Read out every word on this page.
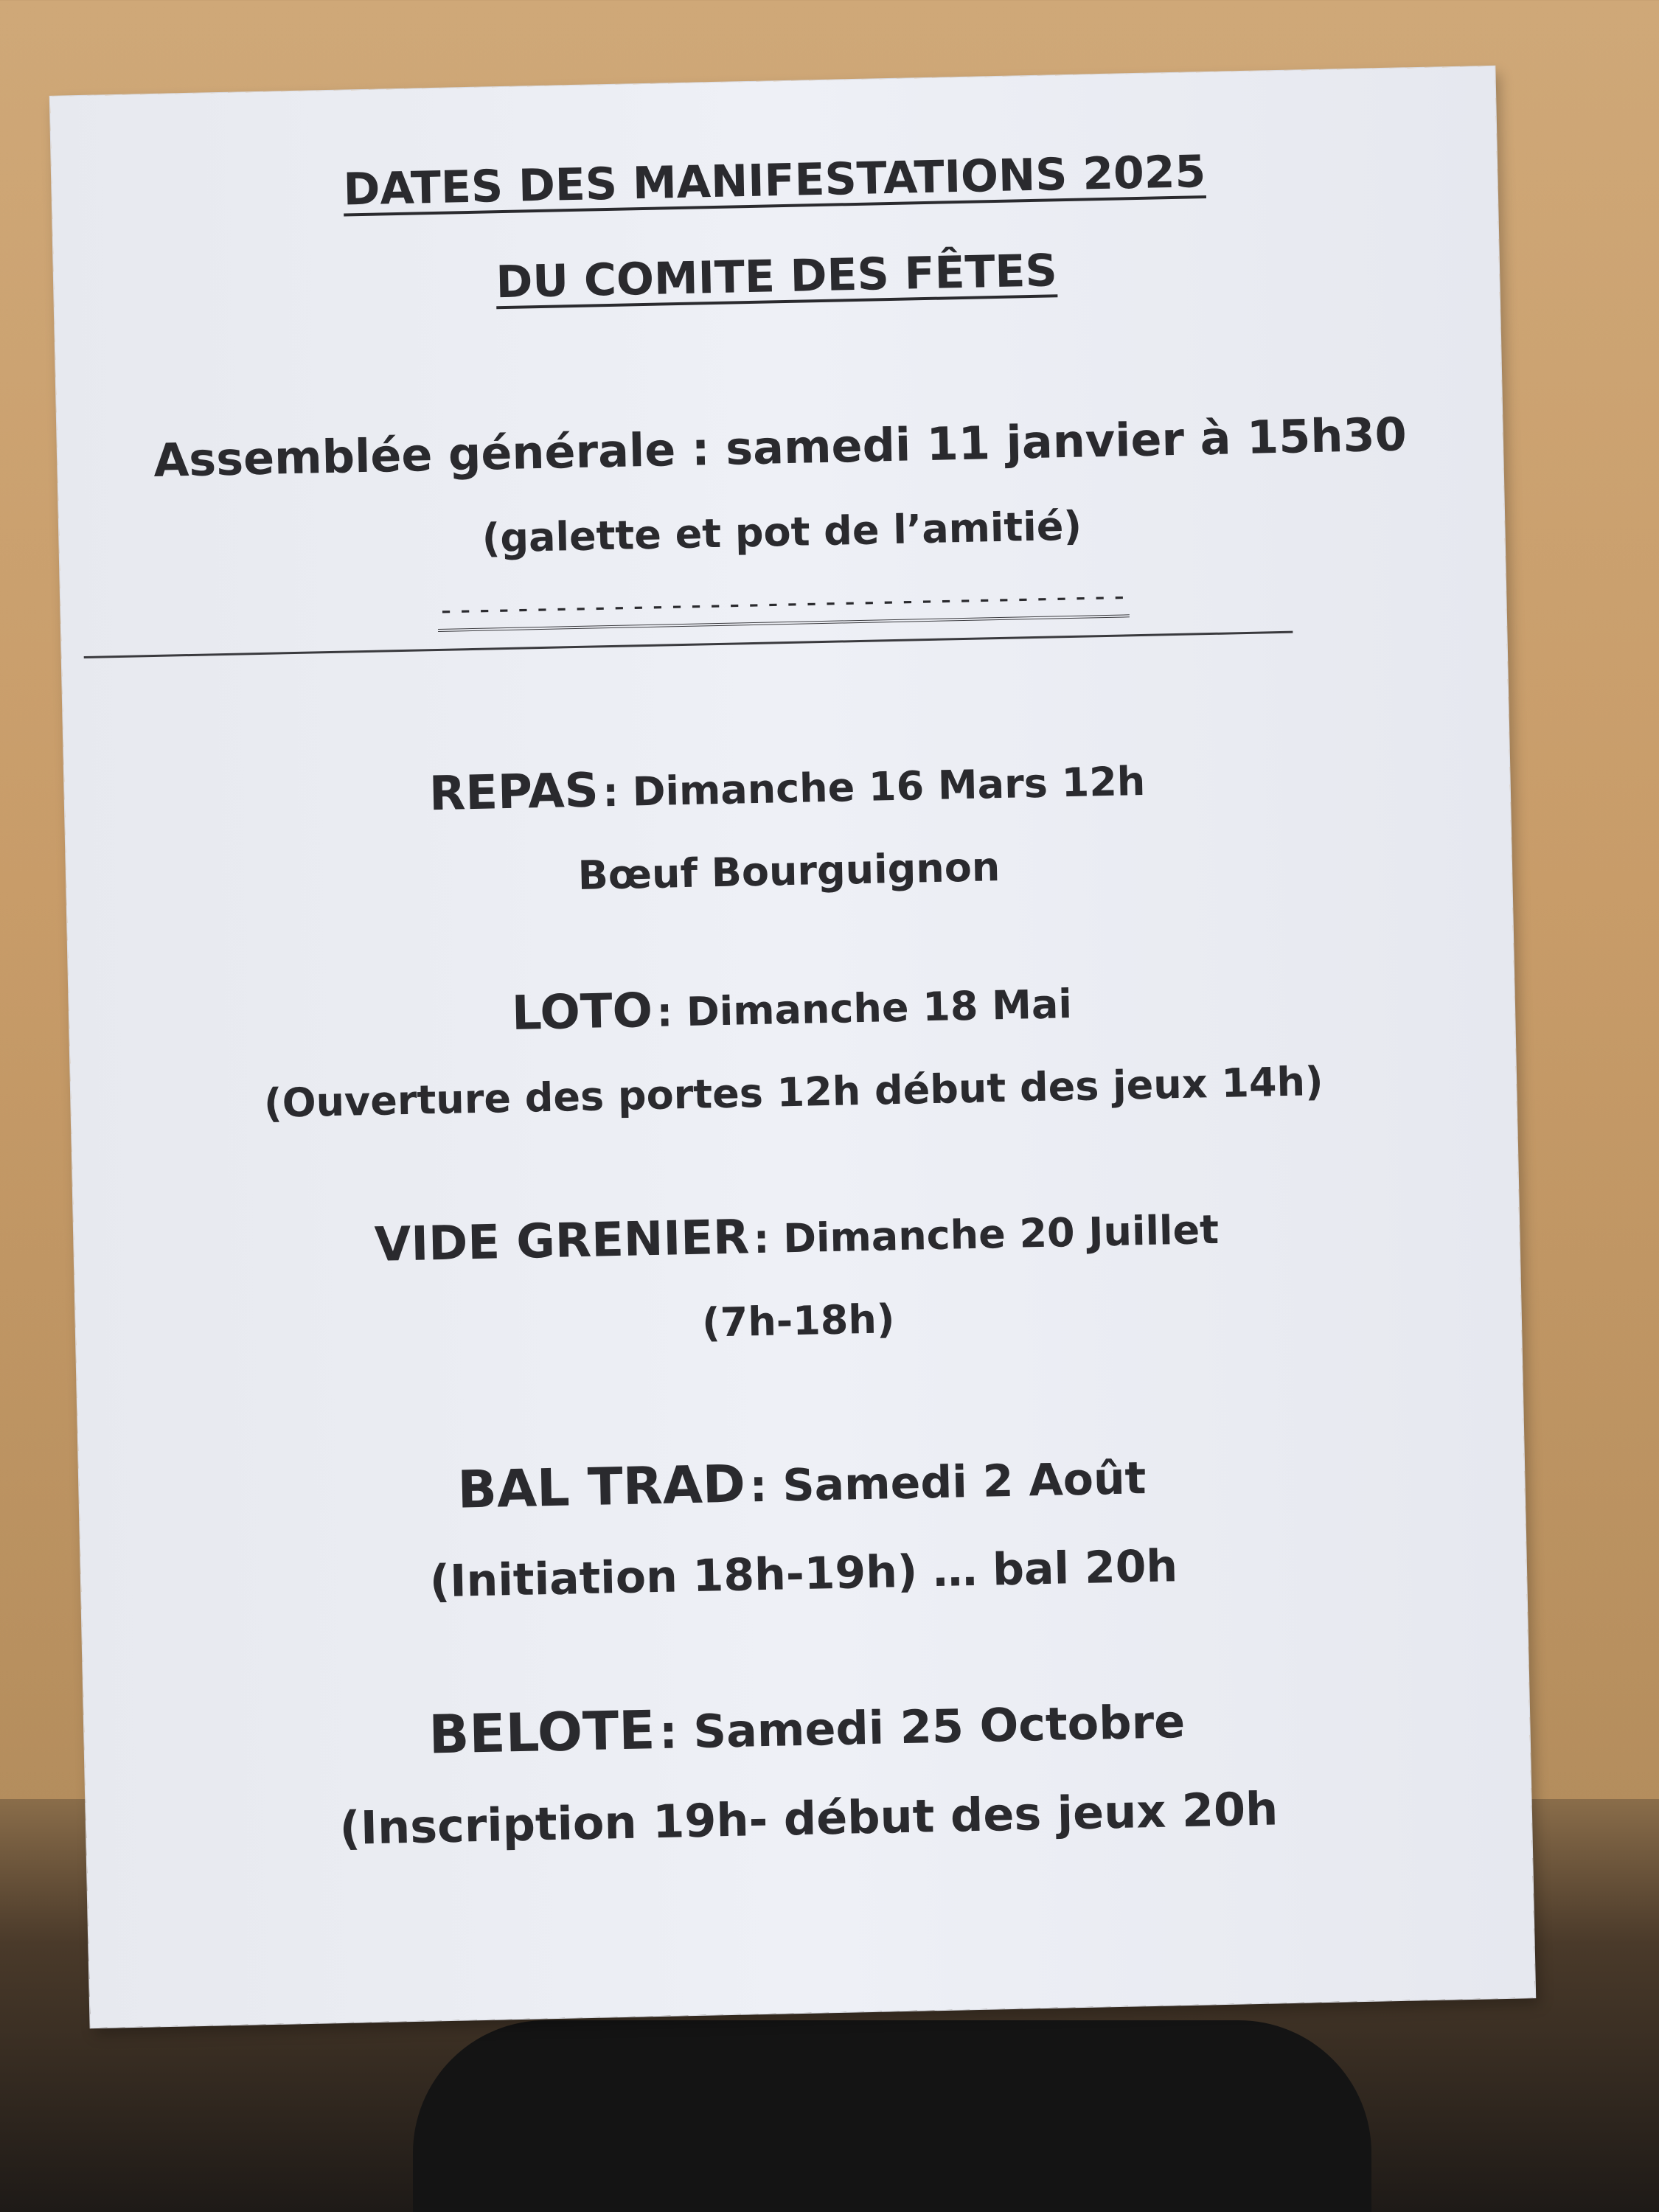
DATES DES MANIFESTATIONS 2025
DU COMITE DES FÊTES
Assemblée générale : samedi 11 janvier à 15h30
(galette et pot de l’amitié)
------------------------------------
REPAS : Dimanche 16 Mars 12h
Bœuf Bourguignon
LOTO : Dimanche 18 Mai
(Ouverture des portes 12h début des jeux 14h)
VIDE GRENIER : Dimanche 20 Juillet
(7h-18h)
BAL TRAD : Samedi 2 Août
(Initiation 18h-19h) … bal 20h
BELOTE : Samedi 25 Octobre
(Inscription 19h- début des jeux 20h
